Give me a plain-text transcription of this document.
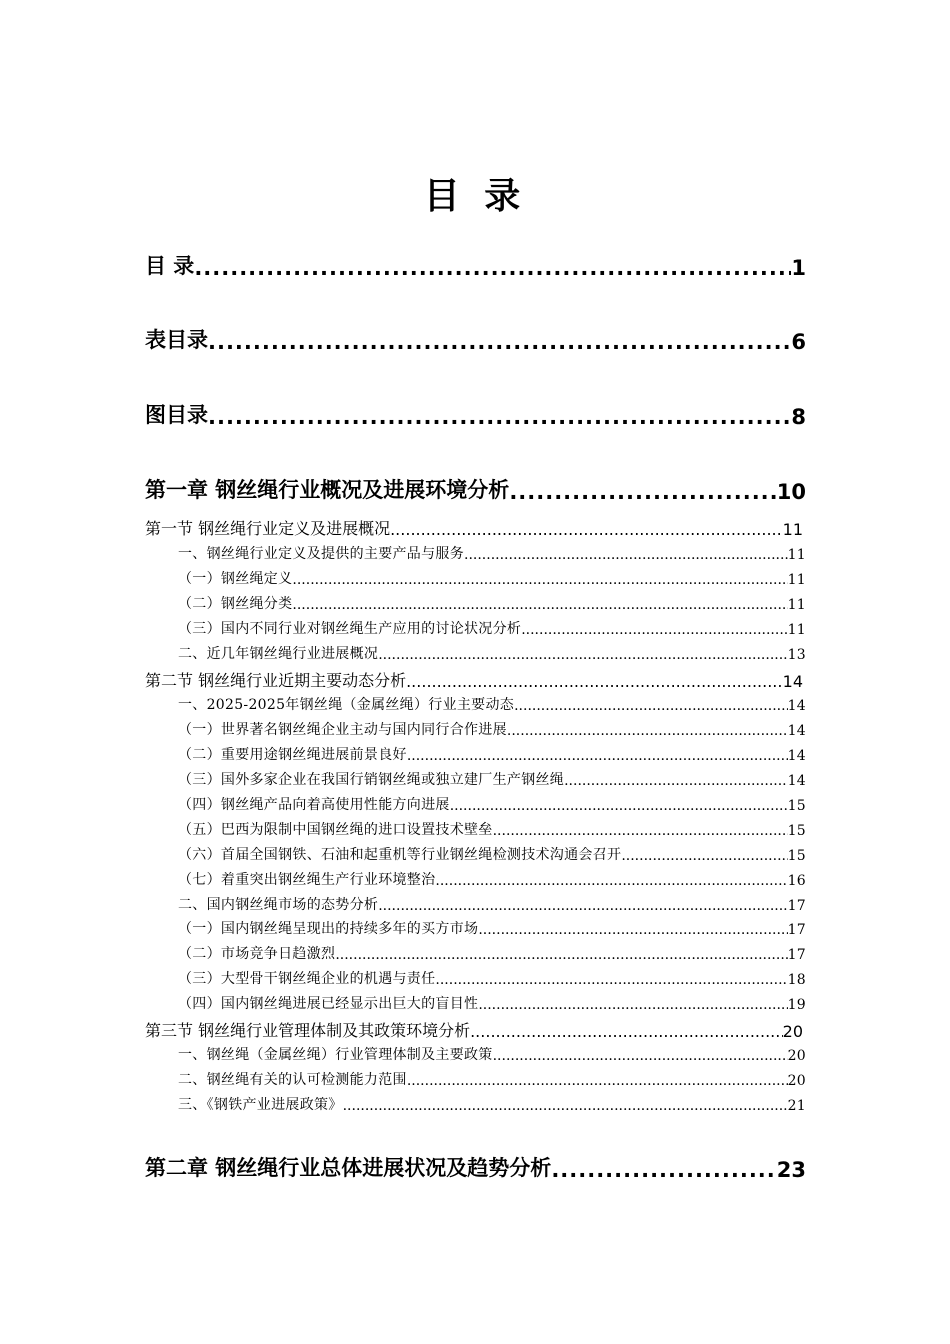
目 录
目 录 .....	1
表目录 .....	6
图目录 .....	8
第一章 钢丝绳行业概况及进展环境分析 .....	10
第一节 钢丝绳行业定义及进展概况 .....	11
一、钢丝绳行业定义及提供的主要产品与服务 .....	11
（一）钢丝绳定义 .....	11
（二）钢丝绳分类 .....	11
（三）国内不同行业对钢丝绳生产应用的讨论状况分析 .....	11
二、近几年钢丝绳行业进展概况 .....	13
第二节 钢丝绳行业近期主要动态分析 .....	14
一、2025-2025年钢丝绳（金属丝绳）行业主要动态 .....	14
（一）世界著名钢丝绳企业主动与国内同行合作进展 .....	14
（二）重要用途钢丝绳进展前景良好 .....	14
（三）国外多家企业在我国行销钢丝绳或独立建厂生产钢丝绳 .....	14
（四）钢丝绳产品向着高使用性能方向进展 .....	15
（五）巴西为限制中国钢丝绳的进口设置技术壁垒 .....	15
（六）首届全国钢铁、石油和起重机等行业钢丝绳检测技术沟通会召开 .....	15
（七）着重突出钢丝绳生产行业环境整治 .....	16
二、国内钢丝绳市场的态势分析 .....	17
（一）国内钢丝绳呈现出的持续多年的买方市场 .....	17
（二）市场竞争日趋激烈 .....	17
（三）大型骨干钢丝绳企业的机遇与责任 .....	18
（四）国内钢丝绳进展已经显示出巨大的盲目性 .....	19
第三节 钢丝绳行业管理体制及其政策环境分析 .....	20
一、钢丝绳（金属丝绳）行业管理体制及主要政策 .....	20
二、钢丝绳有关的认可检测能力范围 .....	20
三、《钢铁产业进展政策》 .....	21
第二章 钢丝绳行业总体进展状况及趋势分析 .....	23
